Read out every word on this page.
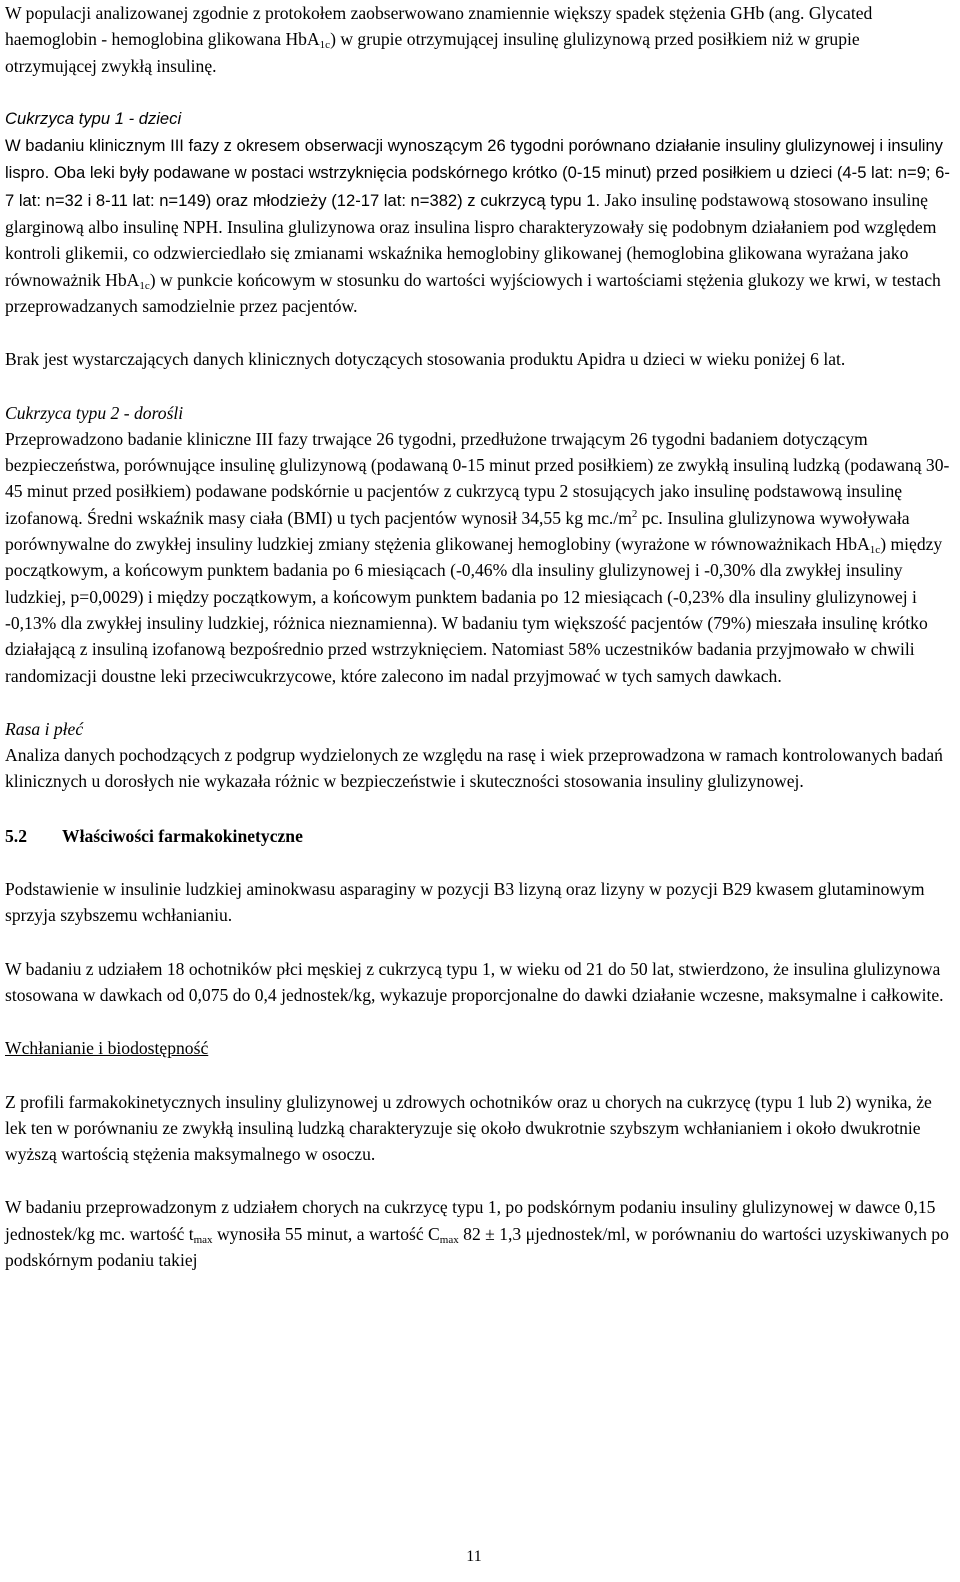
W populacji analizowanej zgodnie z protokołem zaobserwowano znamiennie większy spadek stężenia GHb (ang. Glycated haemoglobin - hemoglobina glikowana HbA$_{1c}$) w grupie otrzymującej insulinę glulizynową przed posiłkiem niż w grupie otrzymującej zwykłą insulinę.

Cukrzyca typu 1 - dzieci

W badaniu klinicznym III fazy z okresem obserwacji wynoszącym 26 tygodni porównano działanie insuliny glulizynowej i insuliny lispro. Oba leki były podawane w postaci wstrzyknięcia podskórnego krótko (0-15 minut) przed posiłkiem u dzieci (4-5 lat: n=9; 6-7 lat: n=32 i 8-11 lat: n=149) oraz młodzieży (12-17 lat: n=382) z cukrzycą typu 1. Jako insulinę podstawową stosowano insulinę glarginową albo insulinę NPH. Insulina glulizynowa oraz insulina lispro charakteryzowały się podobnym działaniem pod względem kontroli glikemii, co odzwierciedlało się zmianami wskaźnika hemoglobiny glikowanej (hemoglobina glikowana wyrażana jako równoważnik HbA$_{1c}$) w punkcie końcowym w stosunku do wartości wyjściowych i wartościami stężenia glukozy we krwi, w testach przeprowadzanych samodzielnie przez pacjentów.

Brak jest wystarczających danych klinicznych dotyczących stosowania produktu Apidra u dzieci w wieku poniżej 6 lat.

Cukrzyca typu 2 - dorośli

Przeprowadzono badanie kliniczne III fazy trwające 26 tygodni, przedłużone trwającym 26 tygodni badaniem dotyczącym bezpieczeństwa, porównujące insulinę glulizynową (podawaną 0-15 minut przed posiłkiem) ze zwykłą insuliną ludzką (podawaną 30-45 minut przed posiłkiem) podawane podskórnie u pacjentów z cukrzycą typu 2 stosujących jako insulinę podstawową insulinę izofanową. Średni wskaźnik masy ciała (BMI) u tych pacjentów wynosił 34,55 kg $mc./m^2$ pc. Insulina glulizynowa wywoływała porównywalne do zwykłej insuliny ludzkiej zmiany stężenia glikowanej hemoglobiny (wyrażone w równoważnikach HbA$_{1c}$) między początkowym, a końcowym punktem badania po 6 miesiącach (-0,46% dla insuliny glulizynowej i -0,30% dla zwykłej insuliny ludzkiej, p=0,0029) i między początkowym, a końcowym punktem badania po 12 miesiącach (-0,23% dla insuliny glulizynowej i -0,13% dla zwykłej insuliny ludzkiej, różnica nieznamienna). W badaniu tym większość pacjentów (79%) mieszała insulinę krótko działającą z insuliną izofanową bezpośrednio przed wstrzyknięciem. Natomiast 58% uczestników badania przyjmowało w chwili randomizacji doustne leki przeciwcukrzycowe, które zalecono im nadal przyjmować w tych samych dawkach.

Rasa i płeć

Analiza danych pochodzących z podgrup wydzielonych ze względu na rasę i wiek przeprowadzona w ramach kontrolowanych badań klinicznych u dorosłych nie wykazała różnic w bezpieczeństwie i skuteczności stosowania insuliny glulizynowej.

5.2	Właściwości farmakokinetyczne

Podstawienie w insulinie ludzkiej aminokwasu asparaginy w pozycji B3 lizyną oraz lizyny w pozycji B29 kwasem glutaminowym sprzyja szybszemu wchłanianiu.

W badaniu z udziałem 18 ochotników płci męskiej z cukrzycą typu 1, w wieku od 21 do 50 lat, stwierdzono, że insulina glulizynowa stosowana w dawkach od 0,075 do 0,4 jednostek/kg, wykazuje proporcjonalne do dawki działanie wczesne, maksymalne i całkowite.

Wchłanianie i biodostępność

Z profili farmakokinetycznych insuliny glulizynowej u zdrowych ochotników oraz u chorych na cukrzycę (typu 1 lub 2) wynika, że lek ten w porównaniu ze zwykłą insuliną ludzką charakteryzuje się około dwukrotnie szybszym wchłanianiem i około dwukrotnie wyższą wartością stężenia maksymalnego w osoczu.

W badaniu przeprowadzonym z udziałem chorych na cukrzycę typu 1, po podskórnym podaniu insuliny glulizynowej w dawce 0,15 jednostek/kg mc. wartość $t_{max}$ wynosiła 55 minut, a wartość $C_{max}$ 82 ± 1,3 μjednostek/ml, w porównaniu do wartości uzyskiwanych po podskórnym podaniu takiej

11
